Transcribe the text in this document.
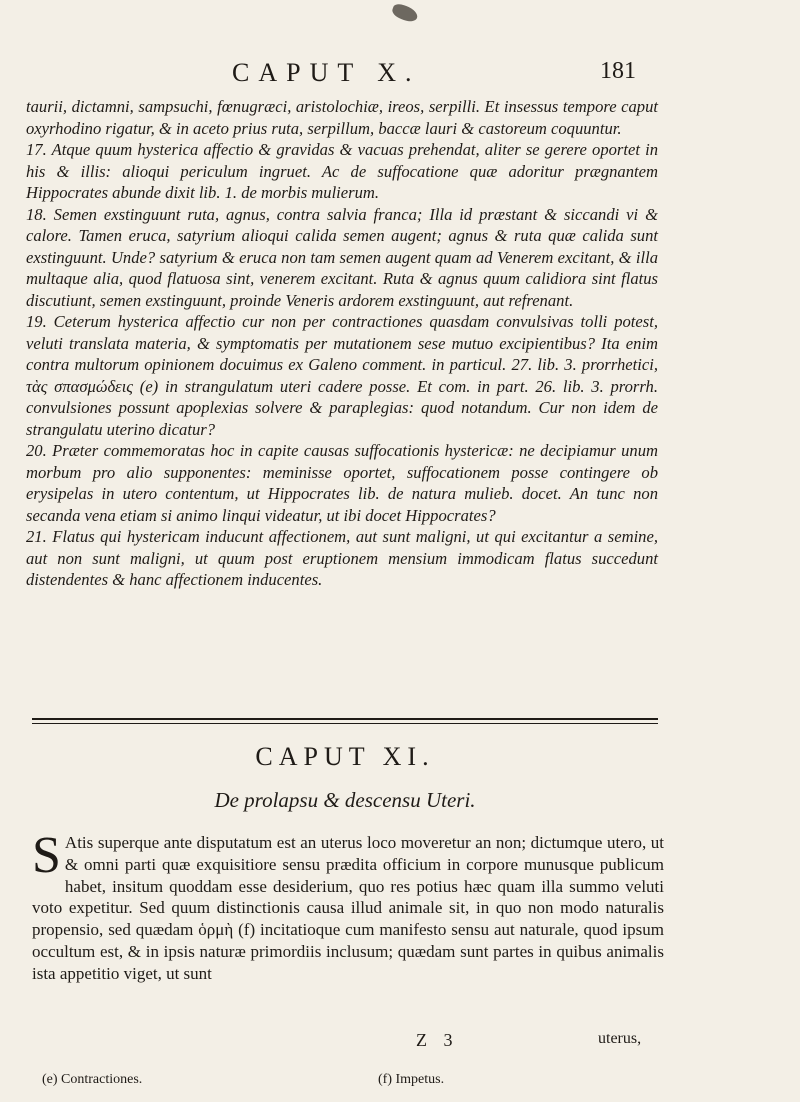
CAPUT X.	181

taurii, dictamni, sampsuchi, fœnugræci, aristolochiæ, ireos, serpilli. Et insessus tempore caput oxyrhodino rigatur, & in aceto prius ruta, serpillum, baccæ lauri & castoreum coquuntur.

17. Atque quum hysterica affectio & gravidas & vacuas prehendat, aliter se gerere oportet in his & illis: alioqui periculum ingruet. Ac de suffocatione quæ adoritur prægnantem Hippocrates abunde dixit lib. 1. de morbis mulierum.

18. Semen exstinguunt ruta, agnus, contra salvia franca; Illa id præstant & siccandi vi & calore. Tamen eruca, satyrium alioqui calida semen augent; agnus & ruta quæ calida sunt exstinguunt. Unde? satyrium & eruca non tam semen augent quam ad Venerem excitant, & illa multaque alia, quod flatuosa sint, venerem excitant. Ruta & agnus quum calidiora sint flatus discutiunt, semen exstinguunt, proinde Veneris ardorem exstinguunt, aut refrenant.

19. Ceterum hysterica affectio cur non per contractiones quasdam convulsivas tolli potest, veluti translata materia, & symptomatis per mutationem sese mutuo excipientibus? Ita enim contra multorum opinionem docuimus ex Galeno comment. in particul. 27. lib. 3. prorrhetici, τὰς σπασμώδεις (e) in strangulatum uteri cadere posse. Et com. in part. 26. lib. 3. prorrh. convulsiones possunt apoplexias solvere & paraplegias: quod notandum. Cur non idem de strangulatu uterino dicatur?

20. Præter commemoratas hoc in capite causas suffocationis hystericæ: ne decipiamur unum morbum pro alio supponentes: meminisse oportet, suffocationem posse contingere ob erysipelas in utero contentum, ut Hippocrates lib. de natura mulieb. docet. An tunc non secanda vena etiam si animo linqui videatur, ut ibi docet Hippocrates?

21. Flatus qui hystericam inducunt affectionem, aut sunt maligni, ut qui excitantur a semine, aut non sunt maligni, ut quum post eruptionem mensium immodicam flatus succedunt distendentes & hanc affectionem inducentes.

CAPUT XI.
De prolapsu & descensu Uteri.
S Atis superque ante disputatum est an uterus loco moveretur an non; dictumque utero, ut & omni parti quæ exquisitiore sensu prædita officium in corpore munusque publicum habet, insitum quoddam esse desiderium, quo res potius hæc quam illa summo veluti voto expetitur. Sed quum distinctionis causa illud animale sit, in quo non modo naturalis propensio, sed quædam ὁρμὴ (f) incitatioque cum manifesto sensu aut naturale, quod ipsum occultum est, & in ipsis naturæ primordiis inclusum; quædam sunt partes in quibus animalis ista appetitio viget, ut sunt
Z 3	uterus,
(e) Contractiones.	(f) Impetus.
